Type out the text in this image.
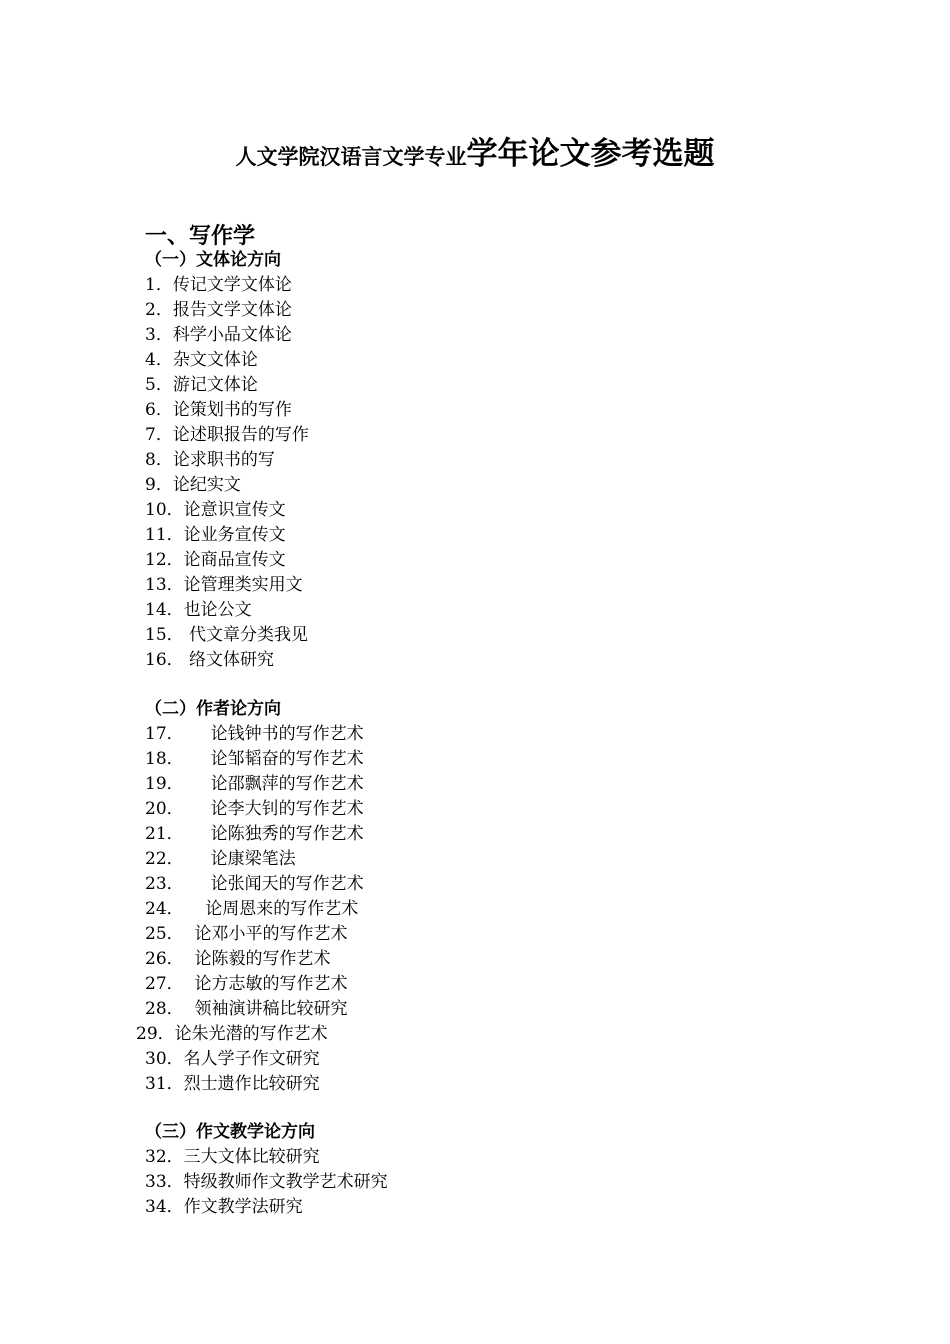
人文学院汉语言文学专业学年论文参考选题
一、写作学
（一）文体论方向
1．传记文学文体论
2．报告文学文体论
3．科学小品文体论
4．杂文文体论
5．游记文体论
6．论策划书的写作
7．论述职报告的写作
8．论求职书的写
9．论纪实文
10．论意识宣传文
11．论业务宣传文
12．论商品宣传文
13．论管理类实用文
14．也论公文
15． 代文章分类我见
16． 络文体研究
（二）作者论方向
17．     论钱钟书的写作艺术
18．     论邹韬奋的写作艺术
19．     论邵飘萍的写作艺术
20．     论李大钊的写作艺术
21．     论陈独秀的写作艺术
22．     论康梁笔法
23．     论张闻天的写作艺术
24．    论周恩来的写作艺术
25．  论邓小平的写作艺术
26．  论陈毅的写作艺术
27．  论方志敏的写作艺术
28．  领袖演讲稿比较研究
29．论朱光潜的写作艺术
30．名人学子作文研究
31．烈士遗作比较研究
（三）作文教学论方向
32．三大文体比较研究
33．特级教师作文教学艺术研究
34．作文教学法研究
